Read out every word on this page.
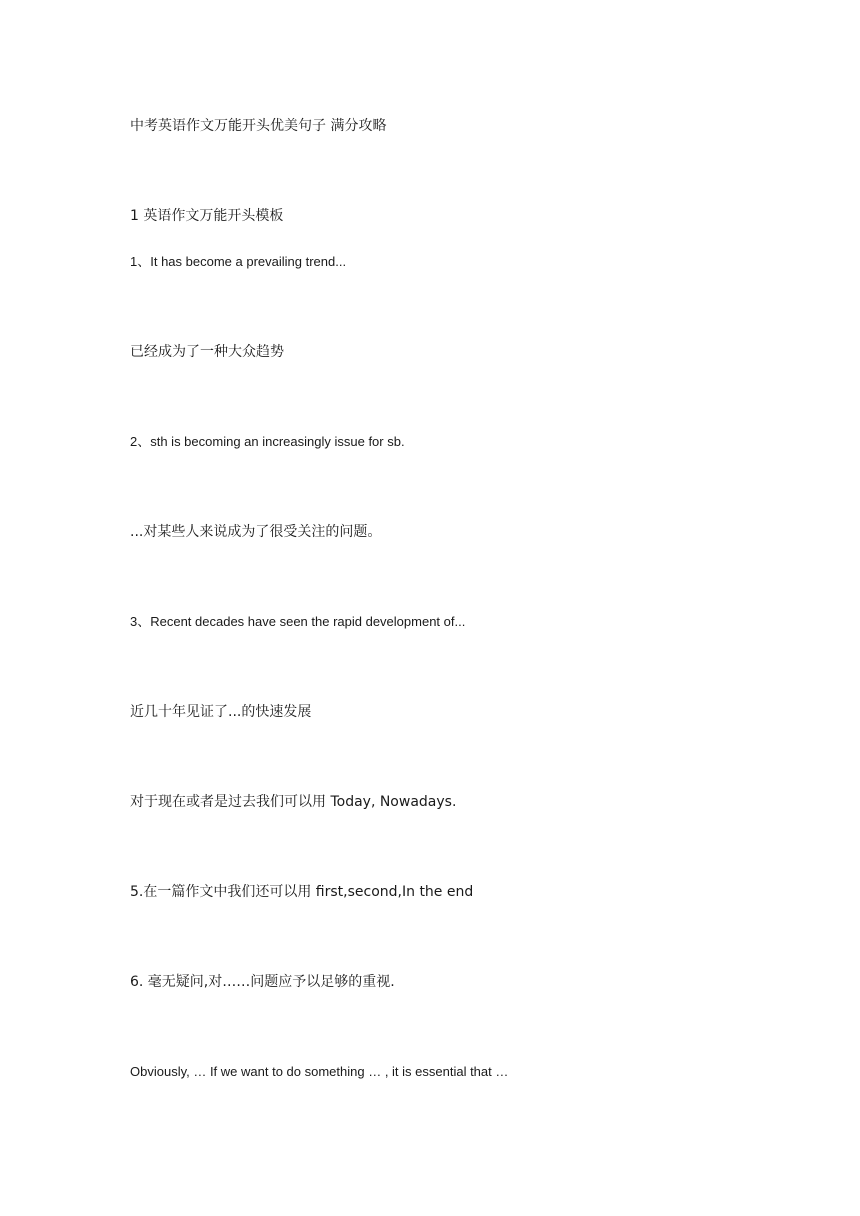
中考英语作文万能开头优美句子 满分攻略

1 英语作文万能开头模板

1、It has become a prevailing trend...

已经成为了一种大众趋势

2、sth is becoming an increasingly issue for sb.

...对某些人来说成为了很受关注的问题。

3、Recent decades have seen the rapid development of...

近几十年见证了...的快速发展

对于现在或者是过去我们可以用 Today, Nowadays.

5.在一篇作文中我们还可以用 first,second,In the end

6. 毫无疑问,对……问题应予以足够的重视.

Obviously, … If we want to do something … , it is essential that …
